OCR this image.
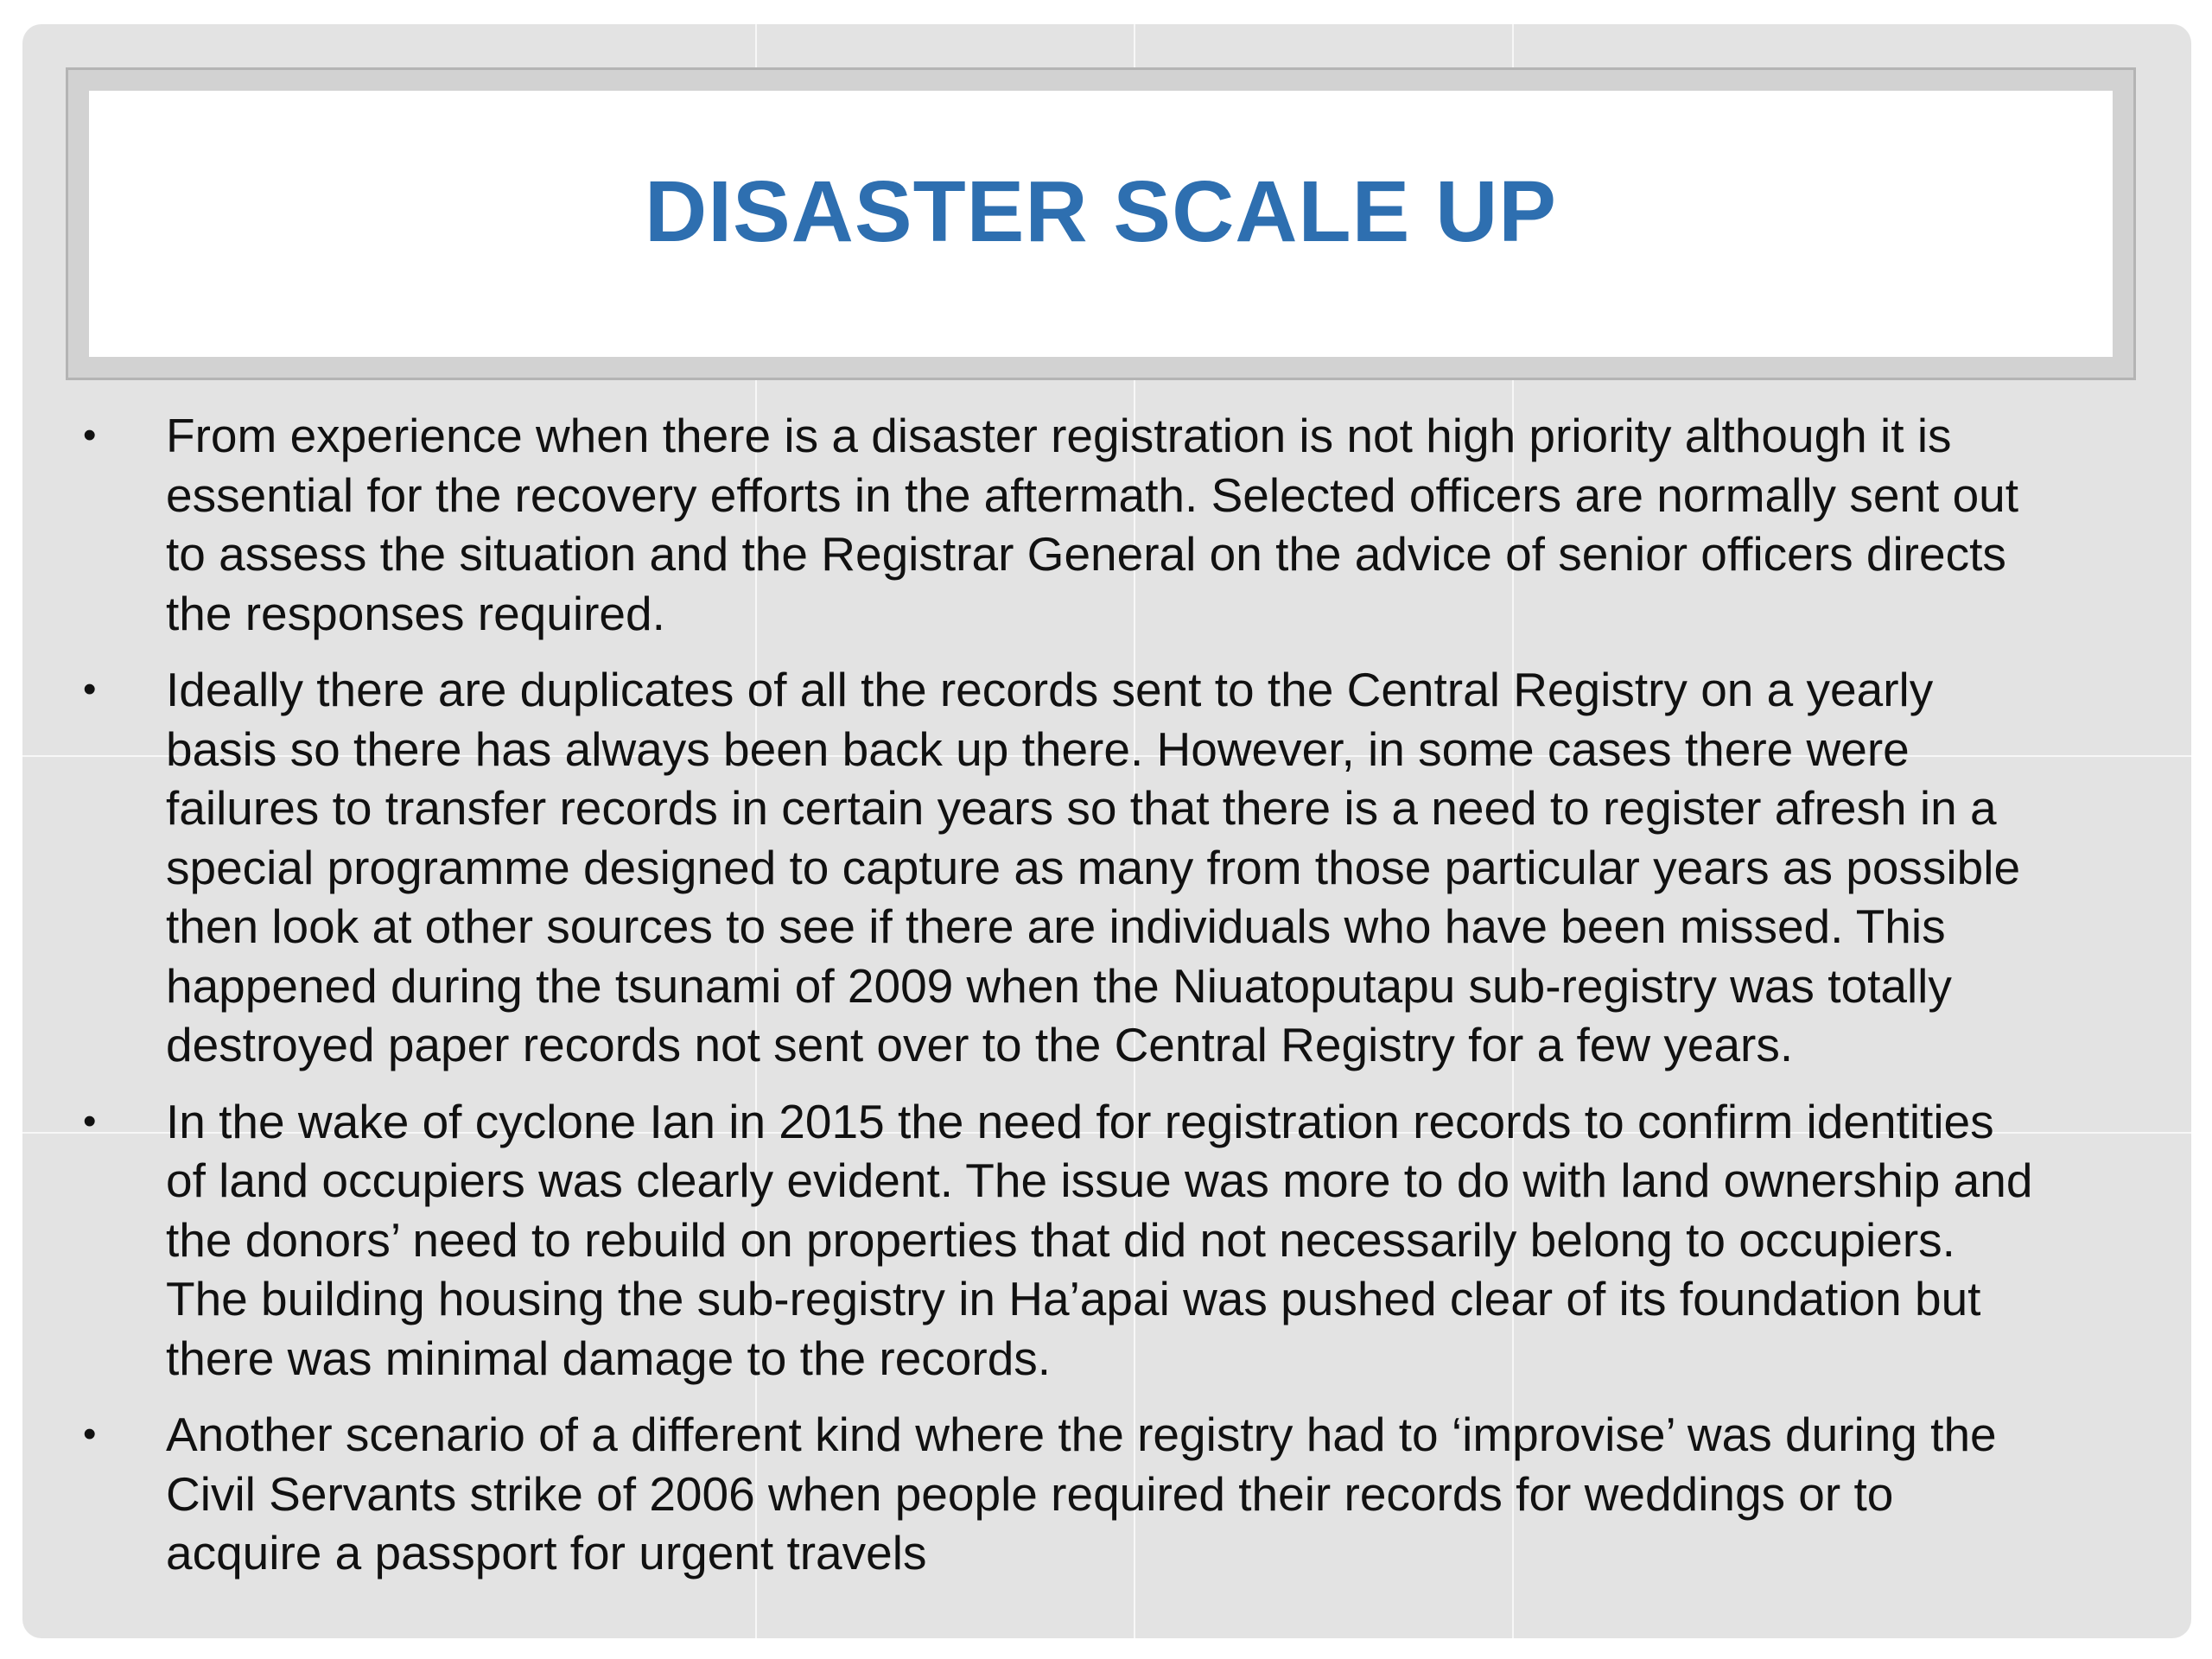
DISASTER SCALE UP
• From experience when there is a disaster registration is not high priority although it is
essential for the recovery efforts in the aftermath. Selected officers are normally sent out
to assess the situation and the Registrar General on the advice of senior officers directs
the responses required.
• Ideally there are duplicates of all the records sent to the Central Registry on a yearly
basis so there has always been back up there. However, in some cases there were
failures to transfer records in certain years so that there is a need to register afresh in a
special programme designed to capture as many from those particular years as possible
then look at other sources to see if there are individuals who have been missed. This
happened during the tsunami of 2009 when the Niuatoputapu sub-registry was totally
destroyed paper records not sent over to the Central Registry for a few years.
• In the wake of cyclone Ian in 2015 the need for registration records to confirm identities
of land occupiers was clearly evident. The issue was more to do with land ownership and
the donors’ need to rebuild on properties that did not necessarily belong to occupiers.
The building housing the sub-registry in Ha’apai was pushed clear of its foundation but
there was minimal damage to the records.
• Another scenario of a different kind where the registry had to ‘improvise’ was during the
Civil Servants strike of 2006 when people required their records for weddings or to
acquire a passport for urgent travels
